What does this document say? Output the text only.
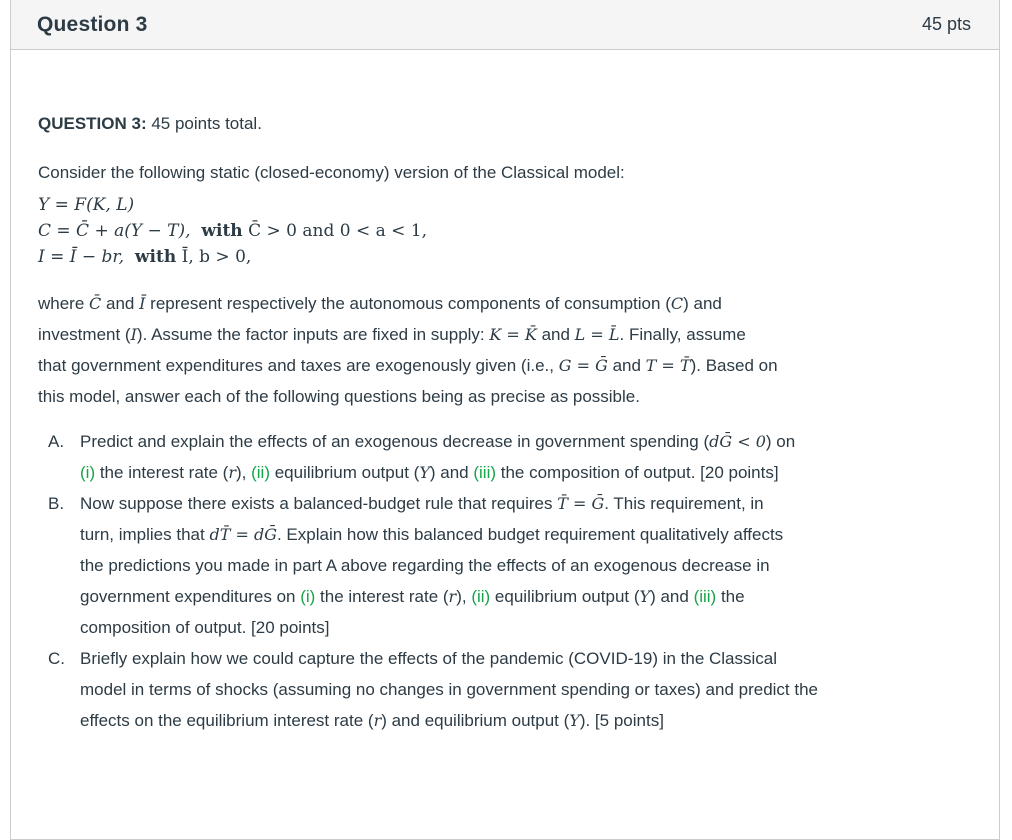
Question 3	45 pts

QUESTION 3: 45 points total.

Consider the following static (closed-economy) version of the Classical model:

Y = F(K, L)
C = C̄ + a(Y − T), with C̄ > 0 and 0 < a < 1,
I = Ī − br, with Ī, b > 0,
where C̄ and Ī represent respectively the autonomous components of consumption (C) and
investment (I). Assume the factor inputs are fixed in supply: K = K̄ and L = L̄. Finally, assume
that government expenditures and taxes are exogenously given (i.e., G = Ḡ and T = T̄). Based on
this model, answer each of the following questions being as precise as possible.
A. Predict and explain the effects of an exogenous decrease in government spending (dḠ < 0) on
(i) the interest rate (r), (ii) equilibrium output (Y) and (iii) the composition of output. [20 points]
B. Now suppose there exists a balanced-budget rule that requires T̄ = Ḡ. This requirement, in
turn, implies that dT̄ = dḠ. Explain how this balanced budget requirement qualitatively affects
the predictions you made in part A above regarding the effects of an exogenous decrease in
government expenditures on (i) the interest rate (r), (ii) equilibrium output (Y) and (iii) the
composition of output. [20 points]
C. Briefly explain how we could capture the effects of the pandemic (COVID-19) in the Classical
model in terms of shocks (assuming no changes in government spending or taxes) and predict the
effects on the equilibrium interest rate (r) and equilibrium output (Y). [5 points]
